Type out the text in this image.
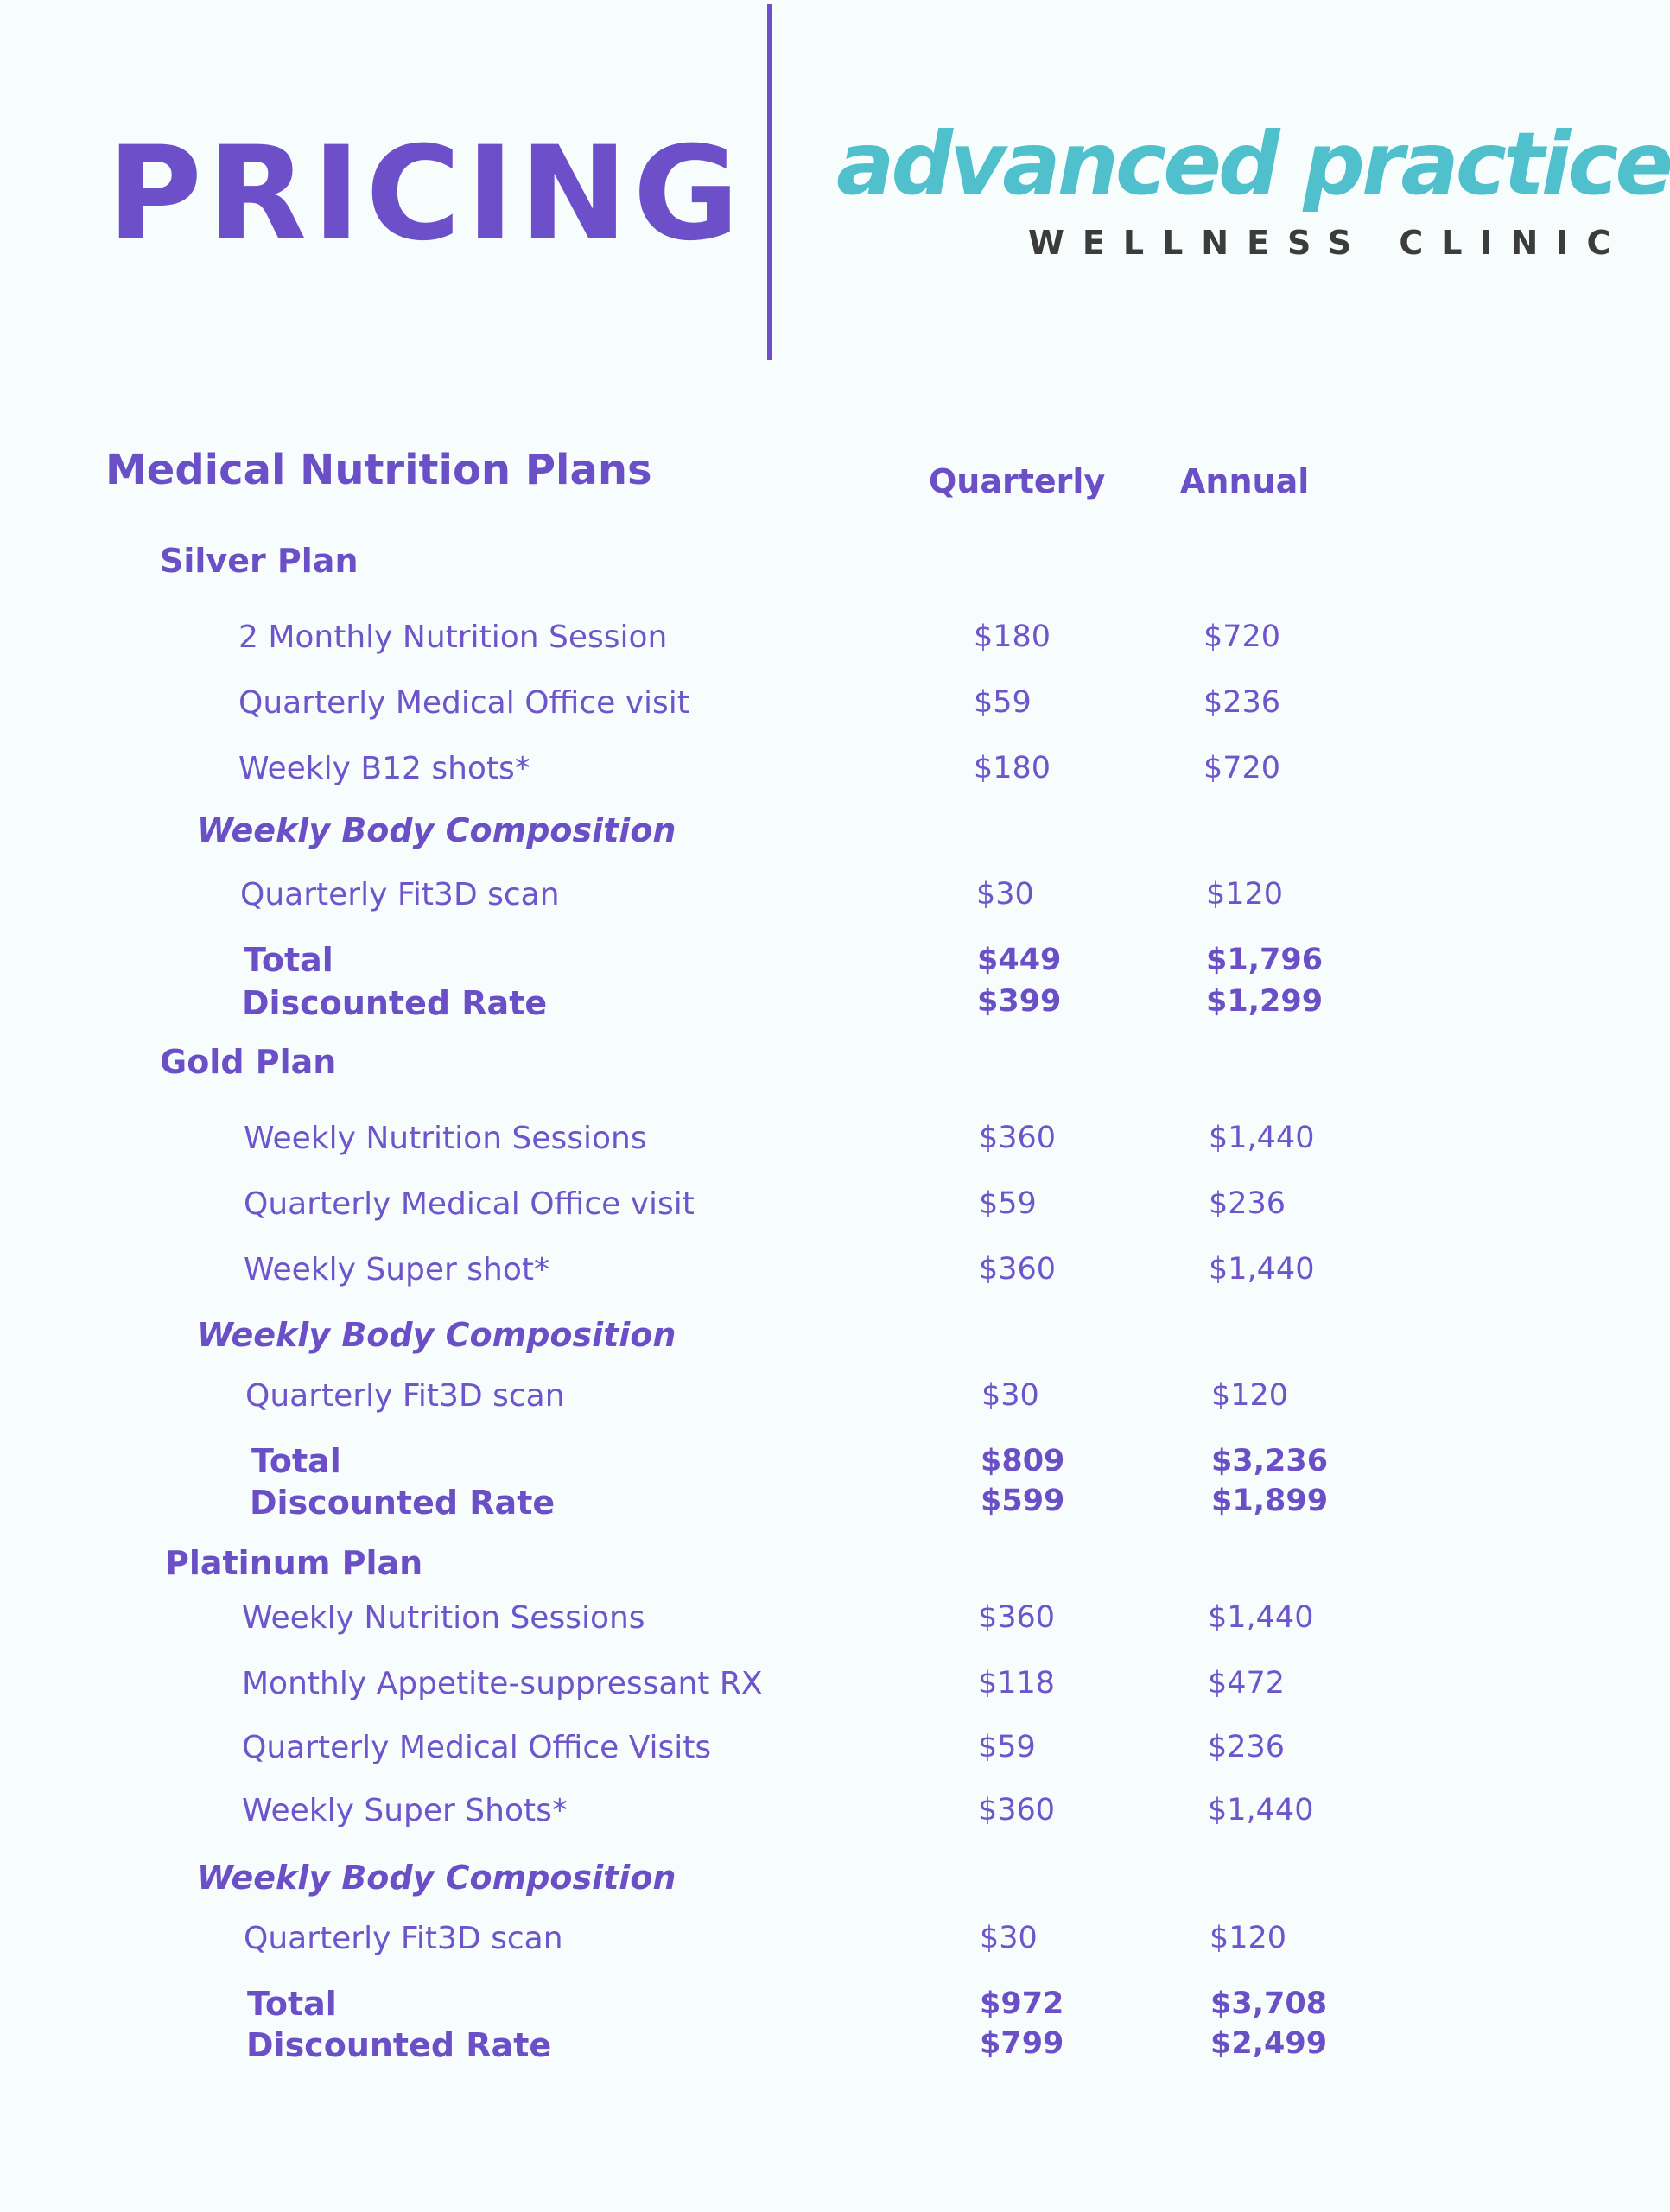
PRICING advanced practice
WELLNESS CLINIC
Medical Nutrition Plans	Quarterly Annual
Silver Plan
2 Monthly Nutrition Session	$180	$720
Quarterly Medical Office visit	$59	$236
Weekly B12 shots*	$180	$720
Weekly Body Composition
Quarterly Fit3D scan	$30	$120
Total	$449	$1,796
Discounted Rate	$399	$1,299
Gold Plan
Weekly Nutrition Sessions	$360	$1,440
Quarterly Medical Office visit	$59	$236
Weekly Super shot*	$360	$1,440
Weekly Body Composition
Quarterly Fit3D scan	$30	$120
Total	$809	$3,236
Discounted Rate	$599	$1,899
Platinum Plan
Weekly Nutrition Sessions	$360	$1,440
Monthly Appetite-suppressant RX	$118	$472
Quarterly Medical Office Visits	$59	$236
Weekly Super Shots*	$360	$1,440
Weekly Body Composition
Quarterly Fit3D scan	$30	$120
Total	$972	$3,708
Discounted Rate	$799	$2,499
